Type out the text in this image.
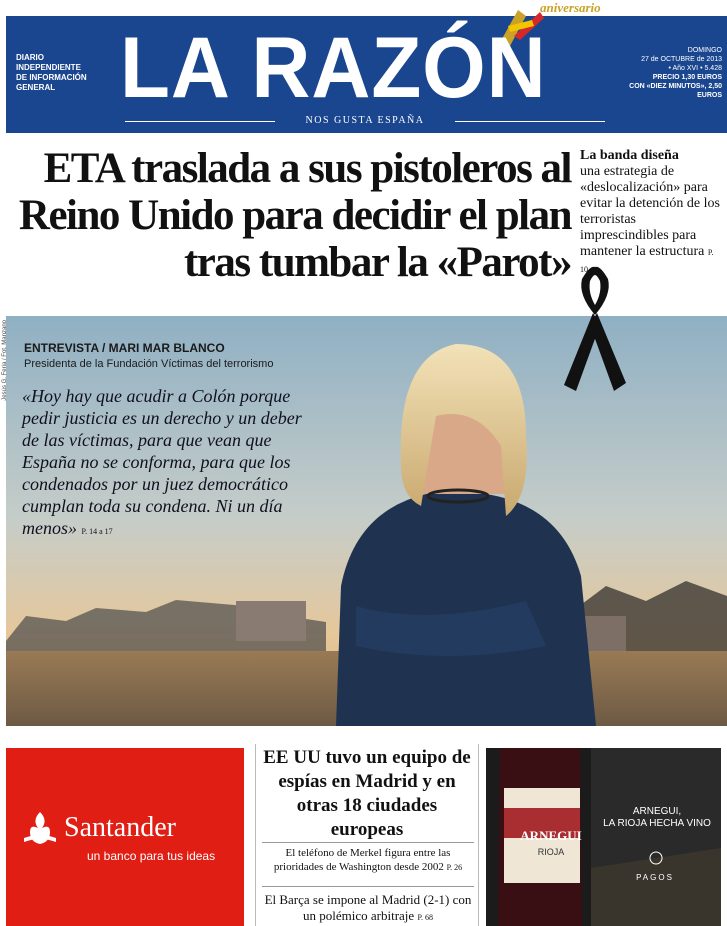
aniversario
DIARIO
INDEPENDIENTE
DE INFORMACIÓN
GENERAL LA RAZÓN
NOS GUSTA ESPAÑA
DOMINGO
27 de OCTUBRE de 2013
• Año XVI • 5.428
PRECIO 1,30 EUROS
CON «DIEZ MINUTOS», 2,50 EUROS
ETA traslada a sus pistoleros al Reino Unido para decidir el plan tras tumbar la «Parot»
La banda diseña
una estrategia de «deslocalización» para evitar la detención de los terroristas imprescindibles para mantener la estructura P. 10
Jesús G. Feria / Fot. Manzano ENTREVISTA / MARI MAR BLANCO
Presidenta de la Fundación Víctimas del terrorismo
«Hoy hay que acudir a Colón porque pedir justicia es un derecho y un deber de las víctimas, para que vean que España no se conforma, para que los condenados por un juez democrático cumplan toda su condena. Ni un día menos» P. 14 a 17
Santander
un banco para tus ideas
EE UU tuvo un equipo de espías en Madrid y en otras 18 ciudades europeas
El teléfono de Merkel figura entre las prioridades de Washington desde 2002 P. 26
El Barça se impone al Madrid (2-1) con un polémico arbitraje P. 68
ARNEGUI
RIOJA
ARNEGUI,
LA RIOJA HECHA VINO
PAGOS
